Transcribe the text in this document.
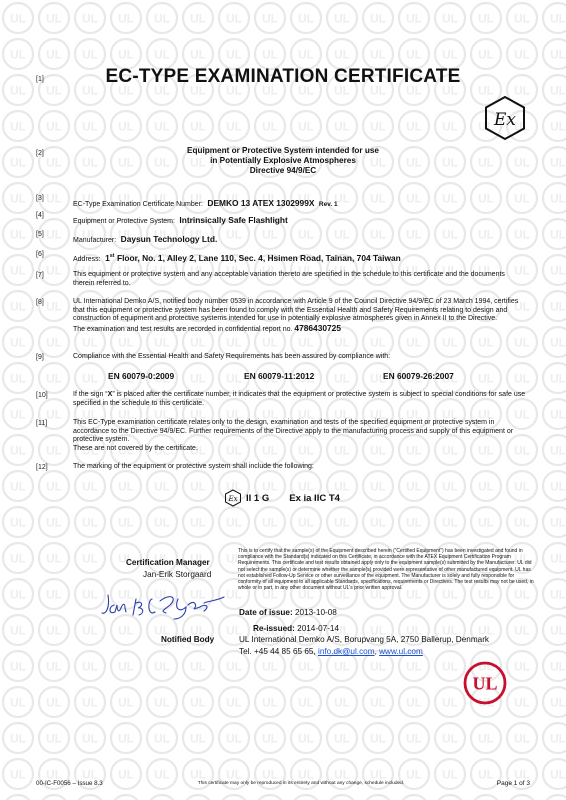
[1]
[2]
[3]
[4]
[5]
[6]
[7]
[8]
[9]
[10]
[11]
[12]
EC-TYPE EXAMINATION CERTIFICATE
Ex
Equipment or Protective System intended for use
in Potentially Explosive Atmospheres
Directive 94/9/EC
EC-Type Examination Certificate Number: DEMKO 13 ATEX 1302999X Rev. 1
Equipment or Protective System: Intrinsically Safe Flashlight
Manufacturer: Daysun Technology Ltd.
Address: 1st Floor, No. 1, Alley 2, Lane 110, Sec. 4, Hsimen Road, Tainan, 704 Taiwan
This equipment or protective system and any acceptable variation thereto are specified in the schedule to this certificate and the documents therein referred to.
UL International Demko A/S, notified body number 0539 in accordance with Article 9 of the Council Directive 94/9/EC of 23 March 1994, certifies that this equipment or protective system has been found to comply with the Essential Health and Safety Requirements relating to design and construction of equipment and protective systems intended for use in potentially explosive atmospheres given in Annex II to the Directive.
The examination and test results are recorded in confidential report no. 4786430725
Compliance with the Essential Health and Safety Requirements has been assured by compliance with:
EN 60079-0:2009	EN 60079-11:2012	EN 60079-26:2007
If the sign “X” is placed after the certificate number, it indicates that the equipment or protective system is subject to special conditions for safe use specified in the schedule to this certificate.
This EC-Type examination certificate relates only to the design, examination and tests of the specified equipment or protective system in accordance to the Directive 94/9/EC. Further requirements of the Directive apply to the manufacturing process and supply of this equipment or protective system.
These are not covered by the certificate.
The marking of the equipment or protective system shall include the following:
Ex II 1 G Ex ia IIC T4
Certification Manager
Jan-Erik Storgaard
Notified Body
This is to certify that the sample(s) of the Equipment described herein (“Certified Equipment”) has been investigated and found in compliance with the Standard(s) indicated on this Certificate, in accordance with the ATEX Equipment Certification Program Requirements. This certificate and test results obtained apply only to the equipment sample(s) submitted by the Manufacturer. UL did not select the sample(s) or determine whether the sample(s) provided were representative of other manufactured equipment. UL has not established Follow-Up Service or other surveillance of the equipment. The Manufacturer is solely and fully responsible for conformity of all equipment to all applicable Standards, specifications, requirements or Directives. The test results may not be used, in whole or in part, in any other document without UL’s prior written approval.
Date of issue: 2013-10-08
Re-issued: 2014-07-14
UL International Demko A/S, Borupvang 5A, 2750 Ballerup, Denmark
Tel. +45 44 85 65 65, info.dk@ul.com, www.ul.com
UL
00-IC-F0056 – Issue 8.3	This certificate may only be reproduced in its entirety and without any change, schedule included.	Page 1 of 3
